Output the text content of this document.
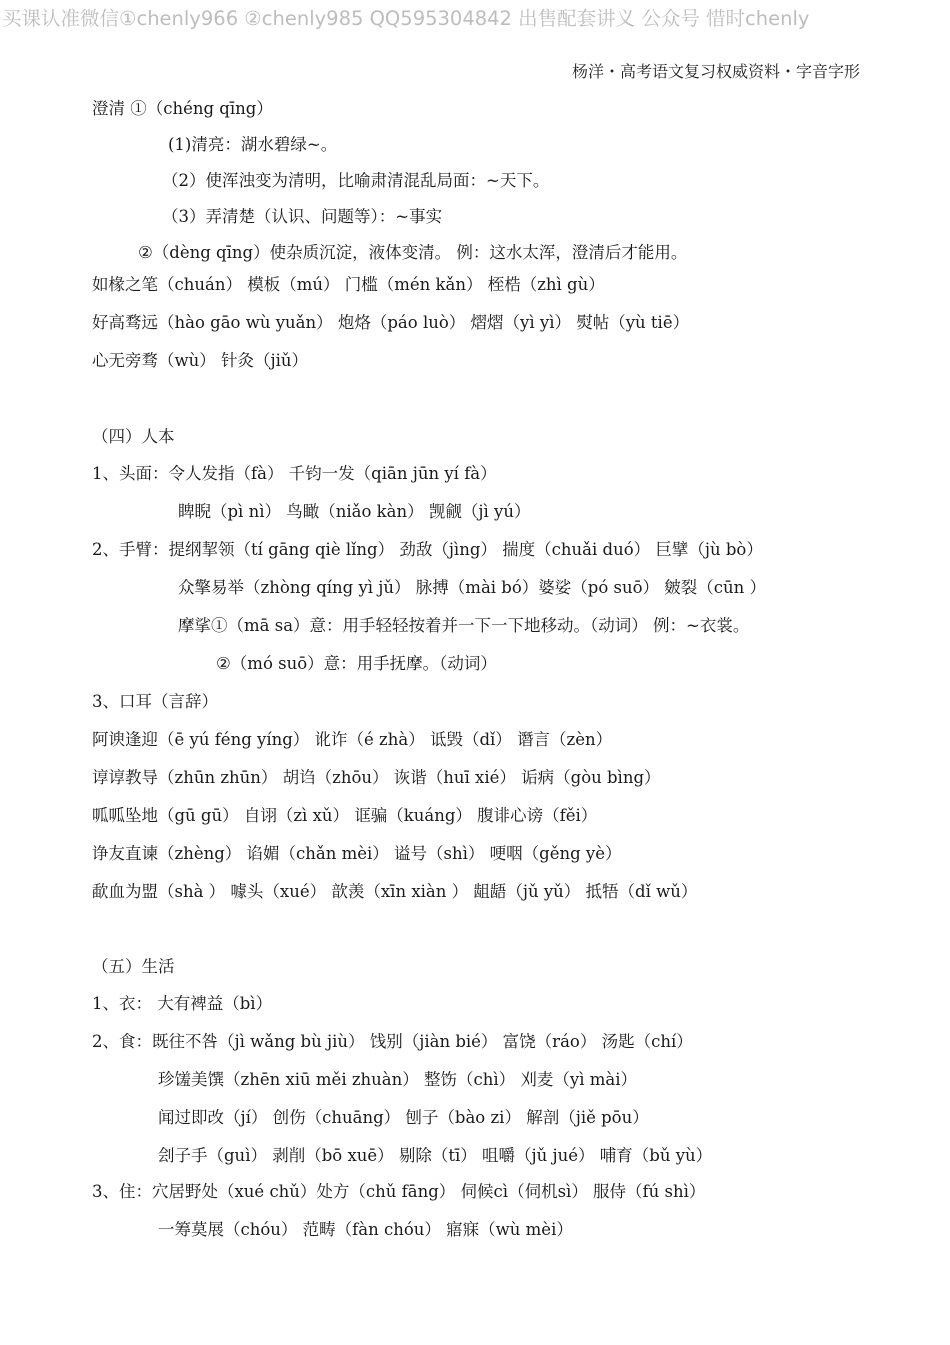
买课认准微信①chenly966 ②chenly985 QQ595304842 出售配套讲义 公众号 惜时chenly
杨洋・高考语文复习权威资料・字音字形
澄清 ①（chéng qīng）
(1)清亮：湖水碧绿~。
（2）使浑浊变为清明，比喻肃清混乱局面：~天下。
（3）弄清楚（认识、问题等）：~事实
②（dèng qīng）使杂质沉淀，液体变清。 例：这水太浑，澄清后才能用。
如椽之笔（chuán） 模板（mú） 门槛（mén kǎn） 桎梏（zhì gù）
好高骛远（hào gāo wù yuǎn） 炮烙（páo luò） 熠熠（yì yì） 熨帖（yù tiē）
心无旁骛（wù） 针灸（jiǔ）
（四）人本
1、头面：令人发指（fà） 千钧一发（qiān jūn yí fà）
睥睨（pì nì） 鸟瞰（niǎo kàn） 觊觎（jì yú）
2、手臂：提纲挈领（tí gāng qiè lǐng） 劲敌（jìng） 揣度（chuǎi duó） 巨擘（jù bò）
众擎易举（zhòng qíng yì jǔ） 脉搏（mài bó）婆娑（pó suō） 皴裂（cūn ）
摩挲①（mā sa）意：用手轻轻按着并一下一下地移动。（动词） 例：~衣裳。
②（mó suō）意：用手抚摩。（动词）
3、口耳（言辞）
阿谀逢迎（ē yú féng yíng） 讹诈（é zhà） 诋毁（dǐ） 谮言（zèn）
谆谆教导（zhūn zhūn） 胡诌（zhōu） 诙谐（huī xié） 诟病（gòu bìng）
呱呱坠地（gū gū） 自诩（zì xǔ） 诓骗（kuáng） 腹诽心谤（fěi）
诤友直谏（zhèng） 谄媚（chǎn mèi） 谥号（shì） 哽咽（gěng yè）
歃血为盟（shà ） 噱头（xué） 歆羡（xīn xiàn ） 龃龉（jǔ yǔ） 抵牾（dǐ wǔ）
（五）生活
1、衣： 大有裨益（bì）
2、食：既往不咎（jì wǎng bù jiù） 饯别（jiàn bié） 富饶（ráo） 汤匙（chí）
珍馐美馔（zhēn xiū měi zhuàn） 整饬（chì） 刈麦（yì mài）
闻过即改（jí） 创伤（chuāng） 刨子（bào zi） 解剖（jiě pōu）
刽子手（guì） 剥削（bō xuē） 剔除（tī） 咀嚼（jǔ jué） 哺育（bǔ yù）
3、住：穴居野处（xué chǔ）处方（chǔ fāng） 伺候cì（伺机sì） 服侍（fú shì）
一筹莫展（chóu） 范畴（fàn chóu） 寤寐（wù mèi）
